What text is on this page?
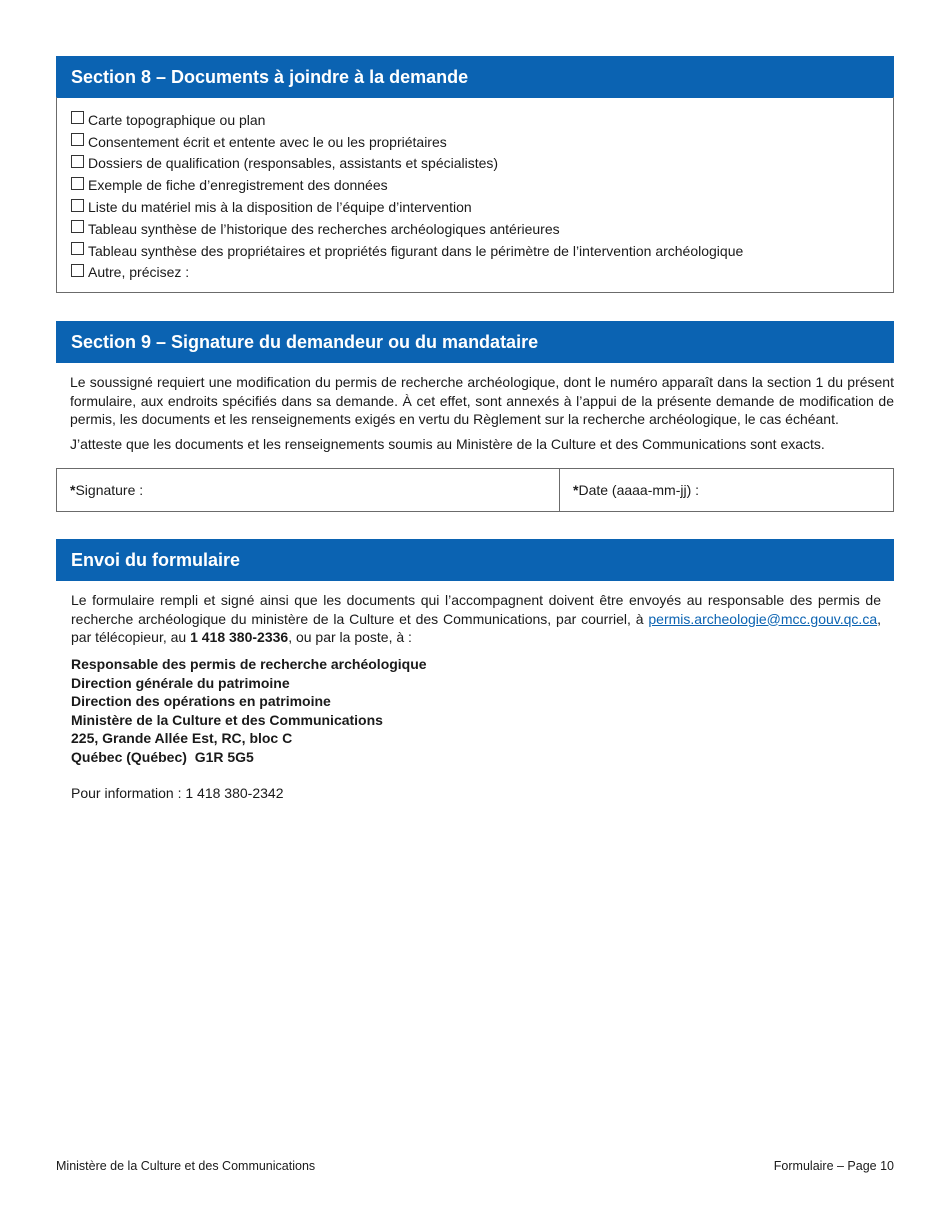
Section 8 – Documents à joindre à la demande
Carte topographique ou plan
Consentement écrit et entente avec le ou les propriétaires
Dossiers de qualification (responsables, assistants et spécialistes)
Exemple de fiche d’enregistrement des données
Liste du matériel mis à la disposition de l’équipe d’intervention
Tableau synthèse de l’historique des recherches archéologiques antérieures
Tableau synthèse des propriétaires et propriétés figurant dans le périmètre de l’intervention archéologique
Autre, précisez :
Section 9 – Signature du demandeur ou du mandataire
Le soussigné requiert une modification du permis de recherche archéologique, dont le numéro apparaît dans la section 1 du présent formulaire, aux endroits spécifiés dans sa demande. À cet effet, sont annexés à l’appui de la présente demande de modification de permis, les documents et les renseignements exigés en vertu du Règlement sur la recherche archéologique, le cas échéant.
J’atteste que les documents et les renseignements soumis au Ministère de la Culture et des Communications sont exacts.
* Signature :	* Date (aaaa-mm-jj) :
Envoi du formulaire
Le formulaire rempli et signé ainsi que les documents qui l’accompagnent doivent être envoyés au responsable des permis de recherche archéologique du ministère de la Culture et des Communications, par courriel, à permis.archeologie@mcc.gouv.qc.ca, par télécopieur, au 1 418 380-2336, ou par la poste, à :
Responsable des permis de recherche archéologique
Direction générale du patrimoine
Direction des opérations en patrimoine
Ministère de la Culture et des Communications
225, Grande Allée Est, RC, bloc C
Québec (Québec)  G1R 5G5
Pour information : 1 418 380-2342
Ministère de la Culture et des Communications	Formulaire – Page 10
